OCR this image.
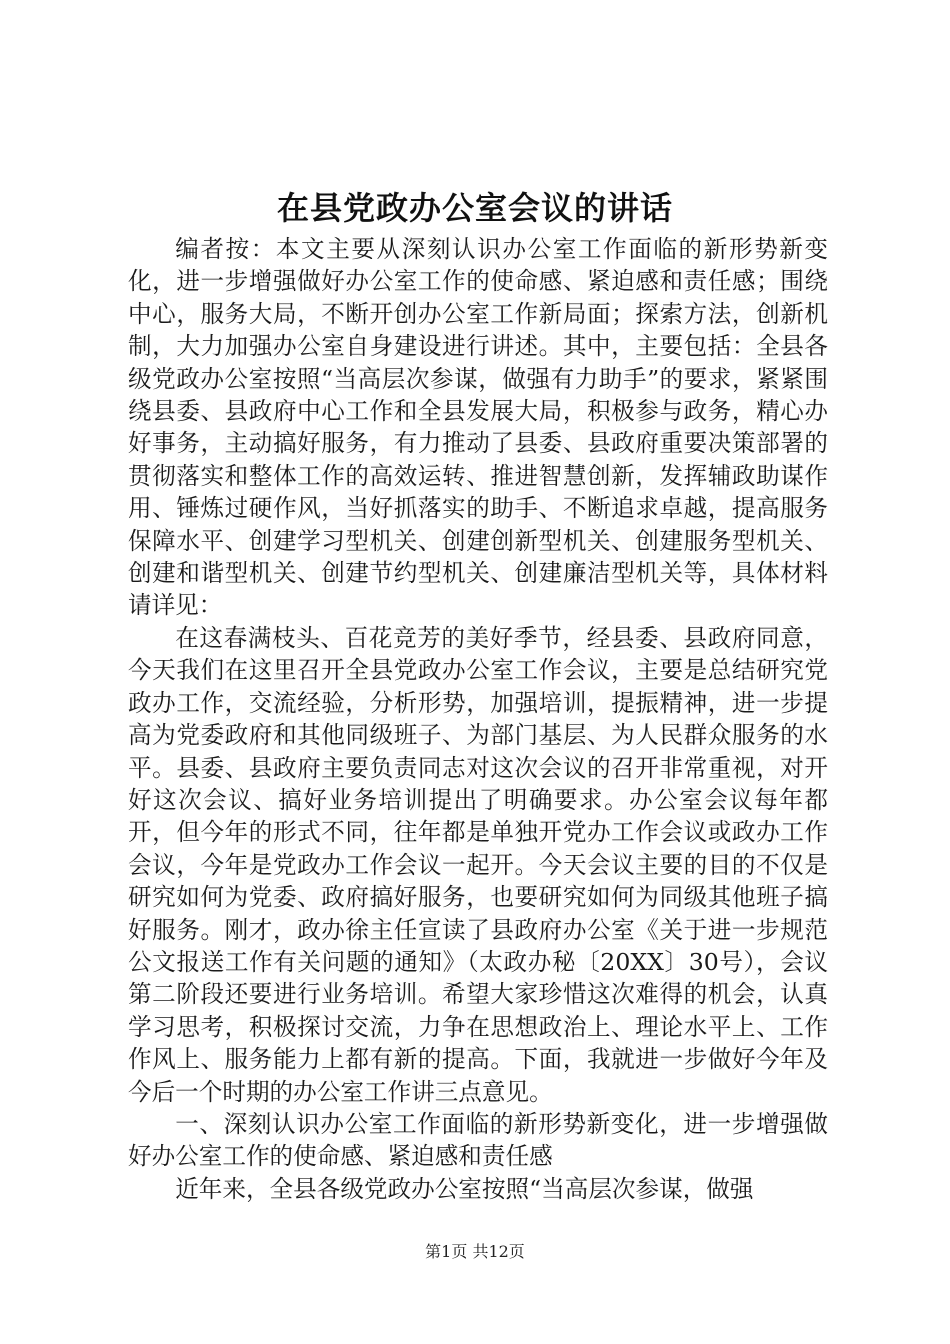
在县党政办公室会议的讲话

编者按：本文主要从深刻认识办公室工作面临的新形势新变化，进一步增强做好办公室工作的使命感、紧迫感和责任感；围绕中心，服务大局，不断开创办公室工作新局面；探索方法，创新机制，大力加强办公室自身建设进行讲述。其中，主要包括：全县各级党政办公室按照“当高层次参谋，做强有力助手”的要求，紧紧围绕县委、县政府中心工作和全县发展大局，积极参与政务，精心办好事务，主动搞好服务，有力推动了县委、县政府重要决策部署的贯彻落实和整体工作的高效运转、推进智慧创新，发挥辅政助谋作用、锤炼过硬作风，当好抓落实的助手、不断追求卓越，提高服务保障水平、创建学习型机关、创建创新型机关、创建服务型机关、创建和谐型机关、创建节约型机关、创建廉洁型机关等，具体材料请详见：

在这春满枝头、百花竞芳的美好季节，经县委、县政府同意，今天我们在这里召开全县党政办公室工作会议，主要是总结研究党政办工作，交流经验，分析形势，加强培训，提振精神，进一步提高为党委政府和其他同级班子、为部门基层、为人民群众服务的水平。县委、县政府主要负责同志对这次会议的召开非常重视，对开好这次会议、搞好业务培训提出了明确要求。办公室会议每年都开，但今年的形式不同，往年都是单独开党办工作会议或政办工作会议，今年是党政办工作会议一起开。今天会议主要的目的不仅是研究如何为党委、政府搞好服务，也要研究如何为同级其他班子搞好服务。刚才，政办徐主任宣读了县政府办公室《关于进一步规范公文报送工作有关问题的通知》（太政办秘〔20XX〕30号），会议第二阶段还要进行业务培训。希望大家珍惜这次难得的机会，认真学习思考，积极探讨交流，力争在思想政治上、理论水平上、工作作风上、服务能力上都有新的提高。下面，我就进一步做好今年及今后一个时期的办公室工作讲三点意见。

一、深刻认识办公室工作面临的新形势新变化，进一步增强做好办公室工作的使命感、紧迫感和责任感

近年来，全县各级党政办公室按照“当高层次参谋，做强

第1页 共12页
